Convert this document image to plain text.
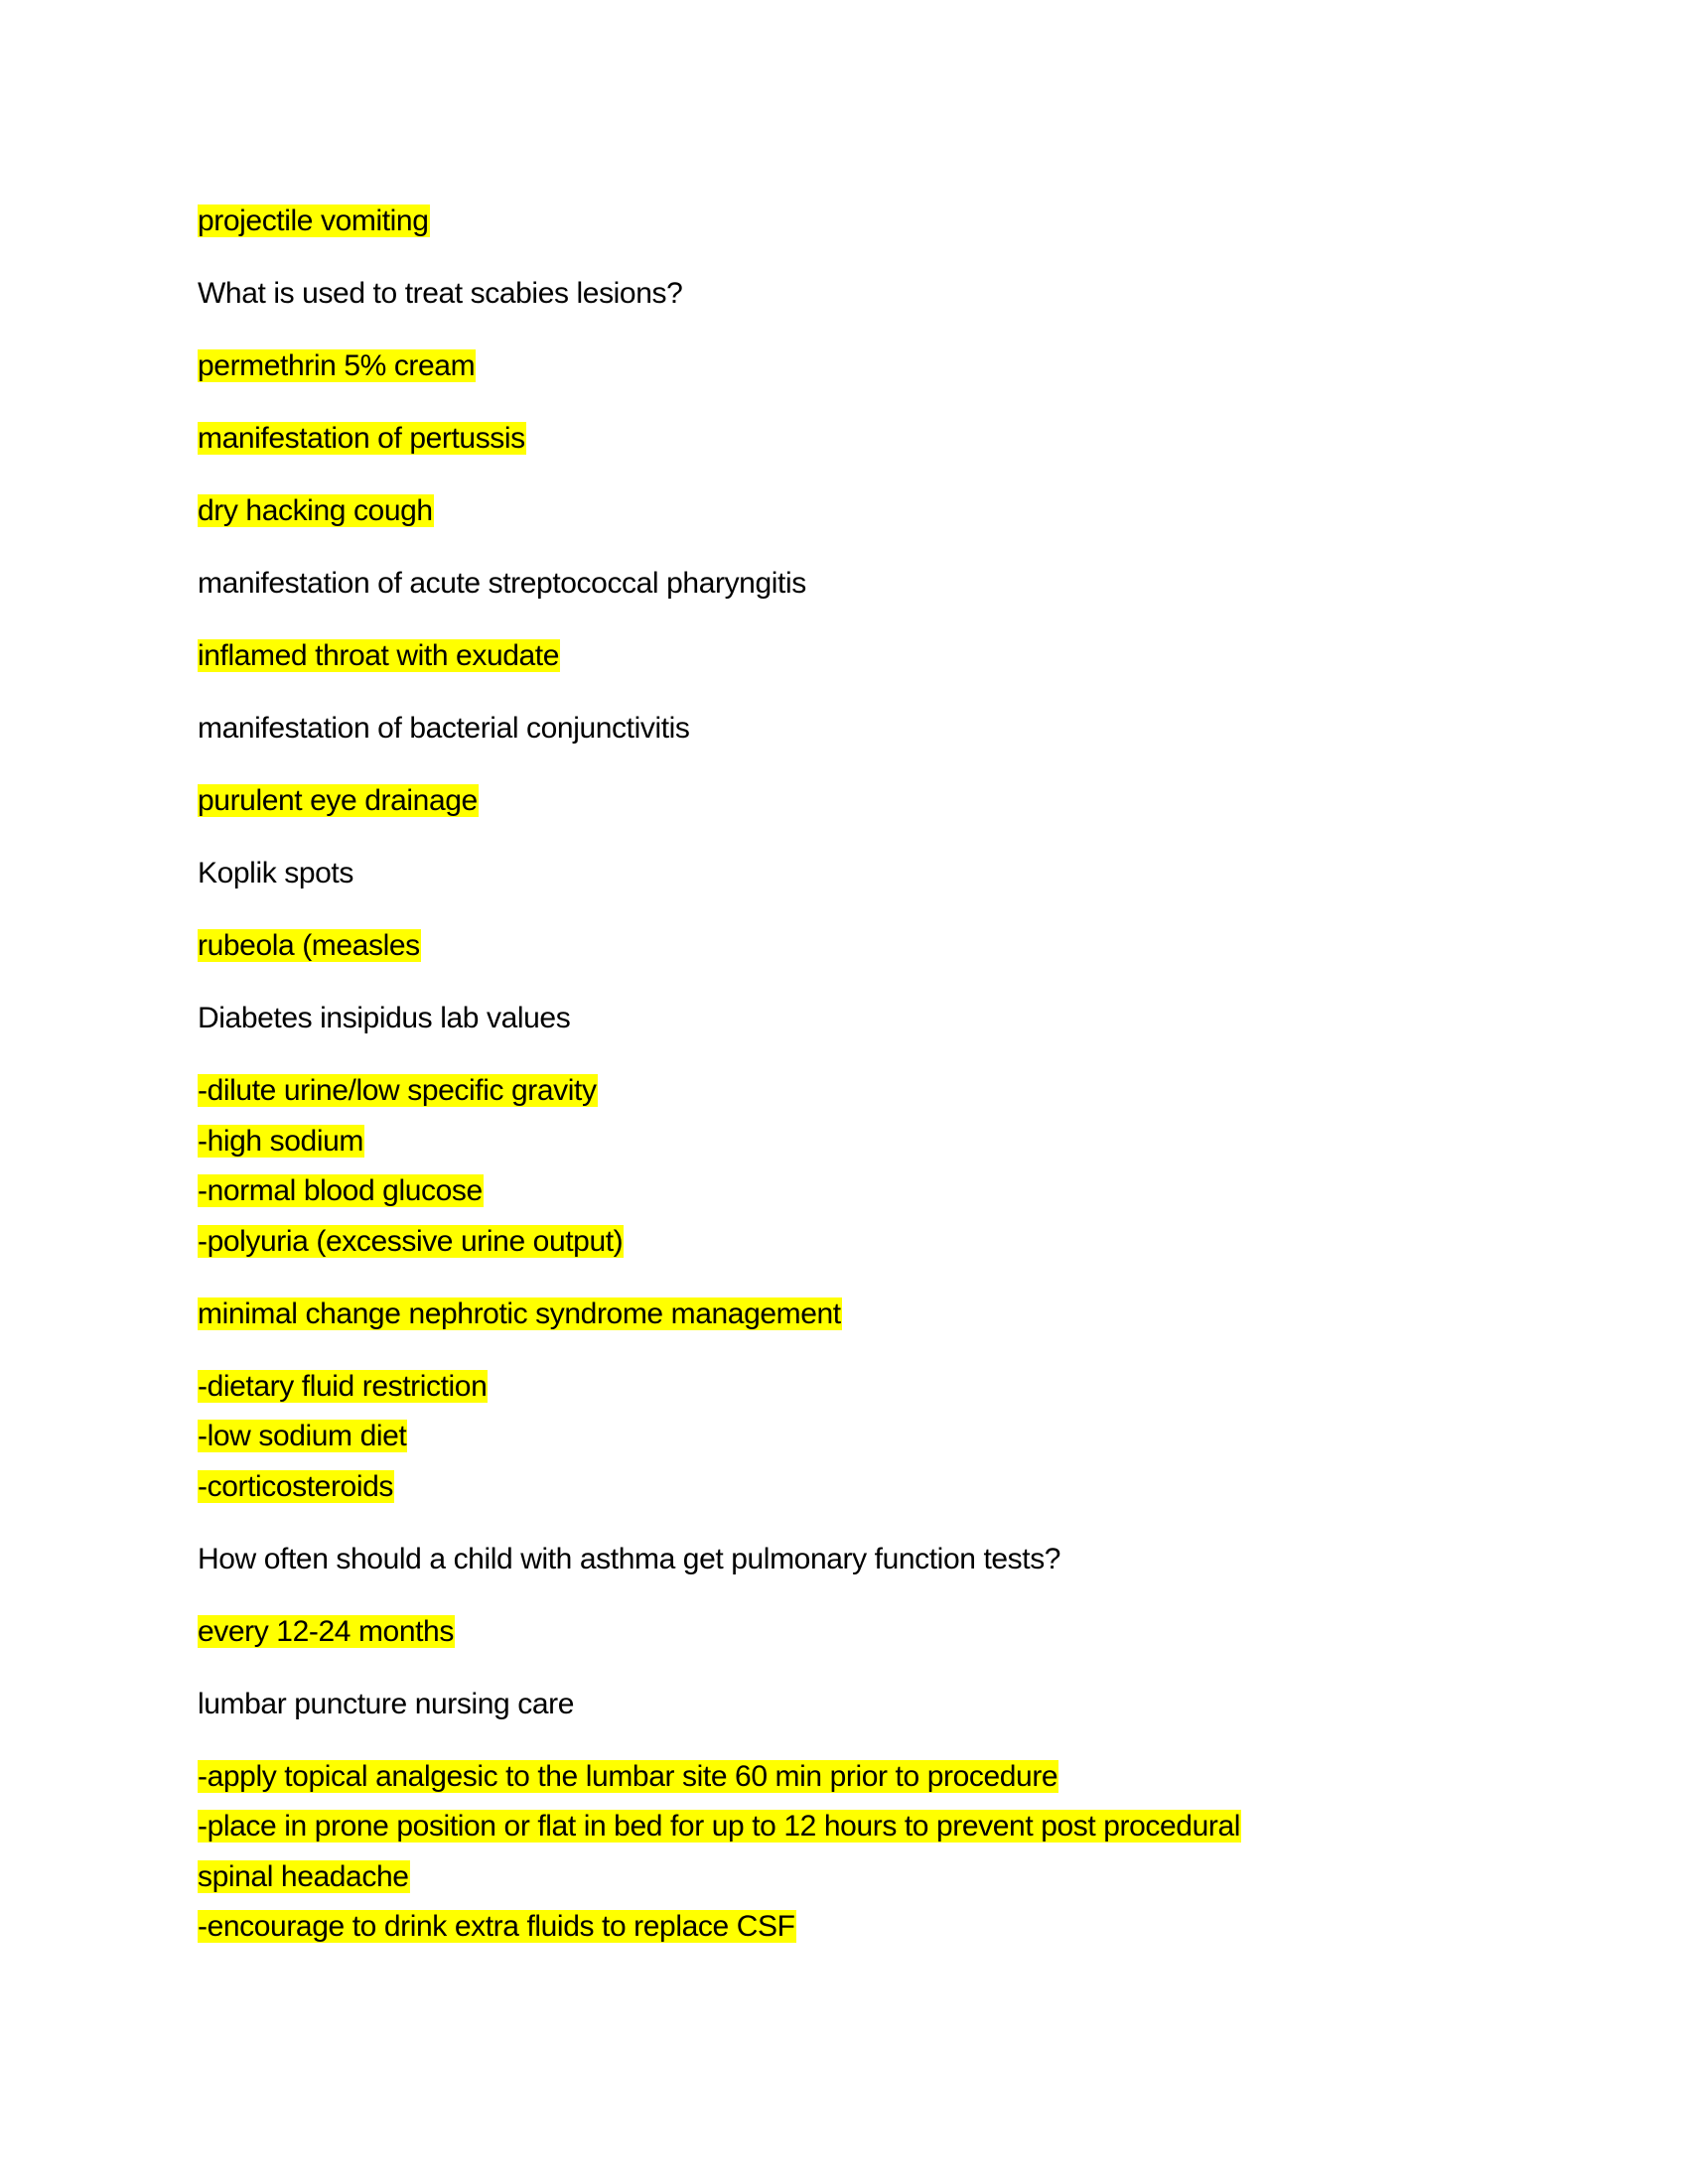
projectile vomiting
What is used to treat scabies lesions?
permethrin 5% cream
manifestation of pertussis
dry hacking cough
manifestation of acute streptococcal pharyngitis
inflamed throat with exudate
manifestation of bacterial conjunctivitis
purulent eye drainage
Koplik spots
rubeola (measles
Diabetes insipidus lab values
-dilute urine/low specific gravity
-high sodium
-normal blood glucose
-polyuria (excessive urine output)
minimal change nephrotic syndrome management
-dietary fluid restriction
-low sodium diet
-corticosteroids
How often should a child with asthma get pulmonary function tests?
every 12-24 months
lumbar puncture nursing care
-apply topical analgesic to the lumbar site 60 min prior to procedure
-place in prone position or flat in bed for up to 12 hours to prevent post procedural
spinal headache
-encourage to drink extra fluids to replace CSF
